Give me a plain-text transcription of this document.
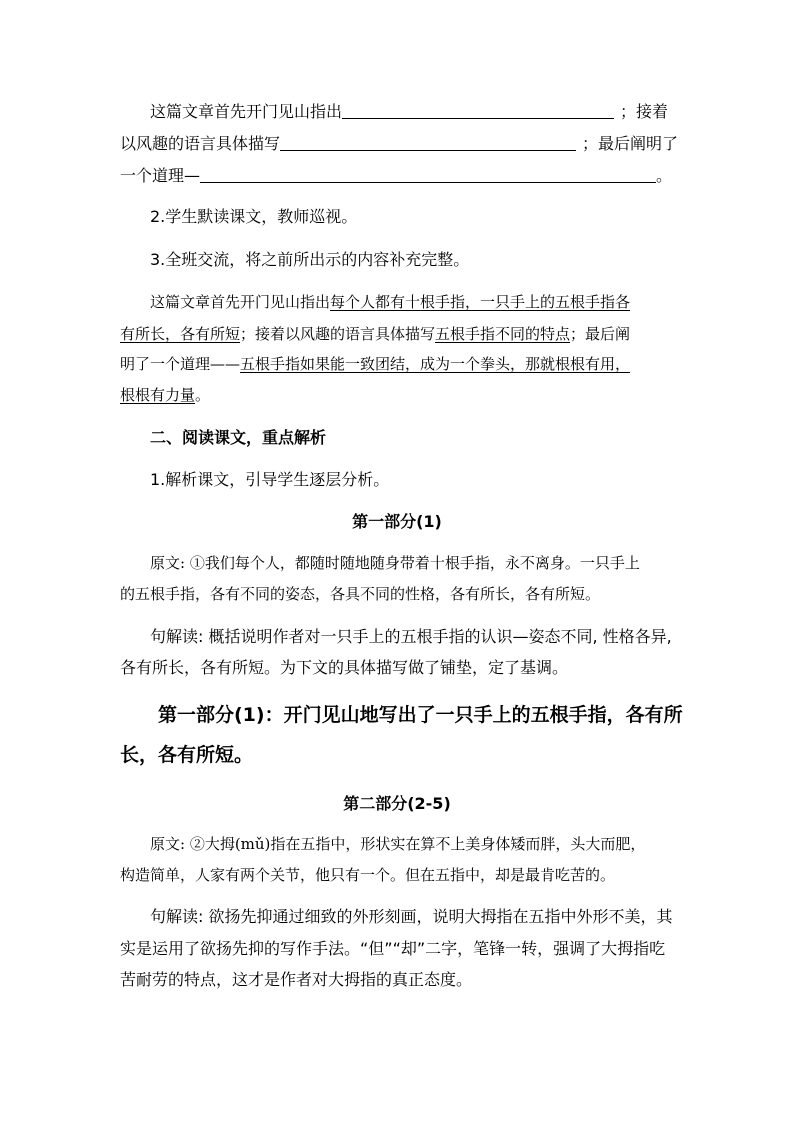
这篇文章首先开门见山指出	；接着
以风趣的语言具体描写	；最后阐明了
一个道理—	。
2.学生默读课文，教师巡视。
3.全班交流，将之前所出示的内容补充完整。
这篇文章首先开门见山指出每个人都有十根手指，一只手上的五根手指各
有所长，各有所短；接着以风趣的语言具体描写五根手指不同的特点；最后阐
明了一个道理——五根手指如果能一致团结，成为一个拳头，那就根根有用，
根根有力量。
二、阅读课文，重点解析
1.解析课文，引导学生逐层分析。
第一部分(1)
原文: ①我们每个人，都随时随地随身带着十根手指，永不离身。一只手上
的五根手指，各有不同的姿态，各具不同的性格，各有所长，各有所短。
句解读: 概括说明作者对一只手上的五根手指的认识—姿态不同, 性格各异,
各有所长，各有所短。为下文的具体描写做了铺垫，定了基调。
第一部分(1)：开门见山地写出了一只手上的五根手指，各有所
长，各有所短。
第二部分(2-5)
原文: ②大拇(mǔ)指在五指中，形状实在算不上美身体矮而胖，头大而肥，
构造简单，人家有两个关节，他只有一个。但在五指中，却是最肯吃苦的。
句解读: 欲扬先抑通过细致的外形刻画，说明大拇指在五指中外形不美，其
实是运用了欲扬先抑的写作手法。“但”“却”二字，笔锋一转，强调了大拇指吃
苦耐劳的特点，这才是作者对大拇指的真正态度。
